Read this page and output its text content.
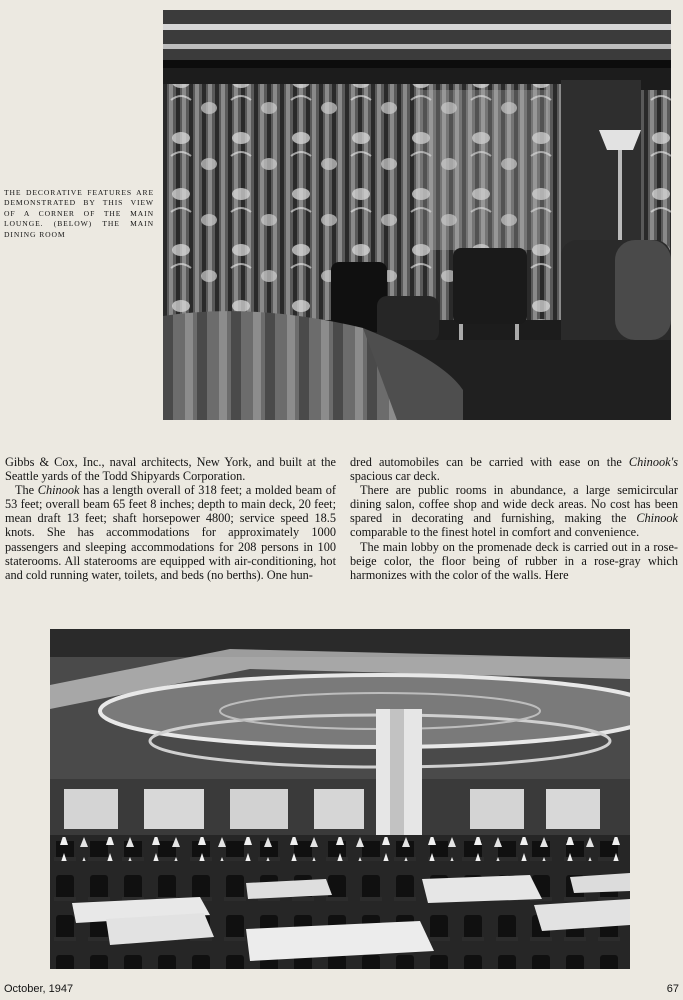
THE DECORATIVE FEATURES ARE DEMONSTRATED BY THIS VIEW OF A CORNER OF THE MAIN LOUNGE. (BELOW) THE MAIN DINING ROOM

Gibbs & Cox, Inc., naval architects, New York, and built at the Seattle yards of the Todd Shipyards Corporation.

The Chinook has a length overall of 318 feet; a molded beam of 53 feet; overall beam 65 feet 8 inches; depth to main deck, 20 feet; mean draft 13 feet; shaft horsepower 4800; service speed 18.5 knots. She has accommodations for approximately 1000 passengers and sleeping accommodations for 208 persons in 100 staterooms. All staterooms are equipped with air-conditioning, hot and cold running water, toilets, and beds (no berths). One hun-

dred automobiles can be carried with ease on the Chinook's spacious car deck.

There are public rooms in abundance, a large semicircular dining salon, coffee shop and wide deck areas. No cost has been spared in decorating and furnishing, making the Chinook comparable to the finest hotel in comfort and convenience.

The main lobby on the promenade deck is carried out in a rose-beige color, the floor being of rubber in a rose-gray which harmonizes with the color of the walls. Here

October, 1947	67
